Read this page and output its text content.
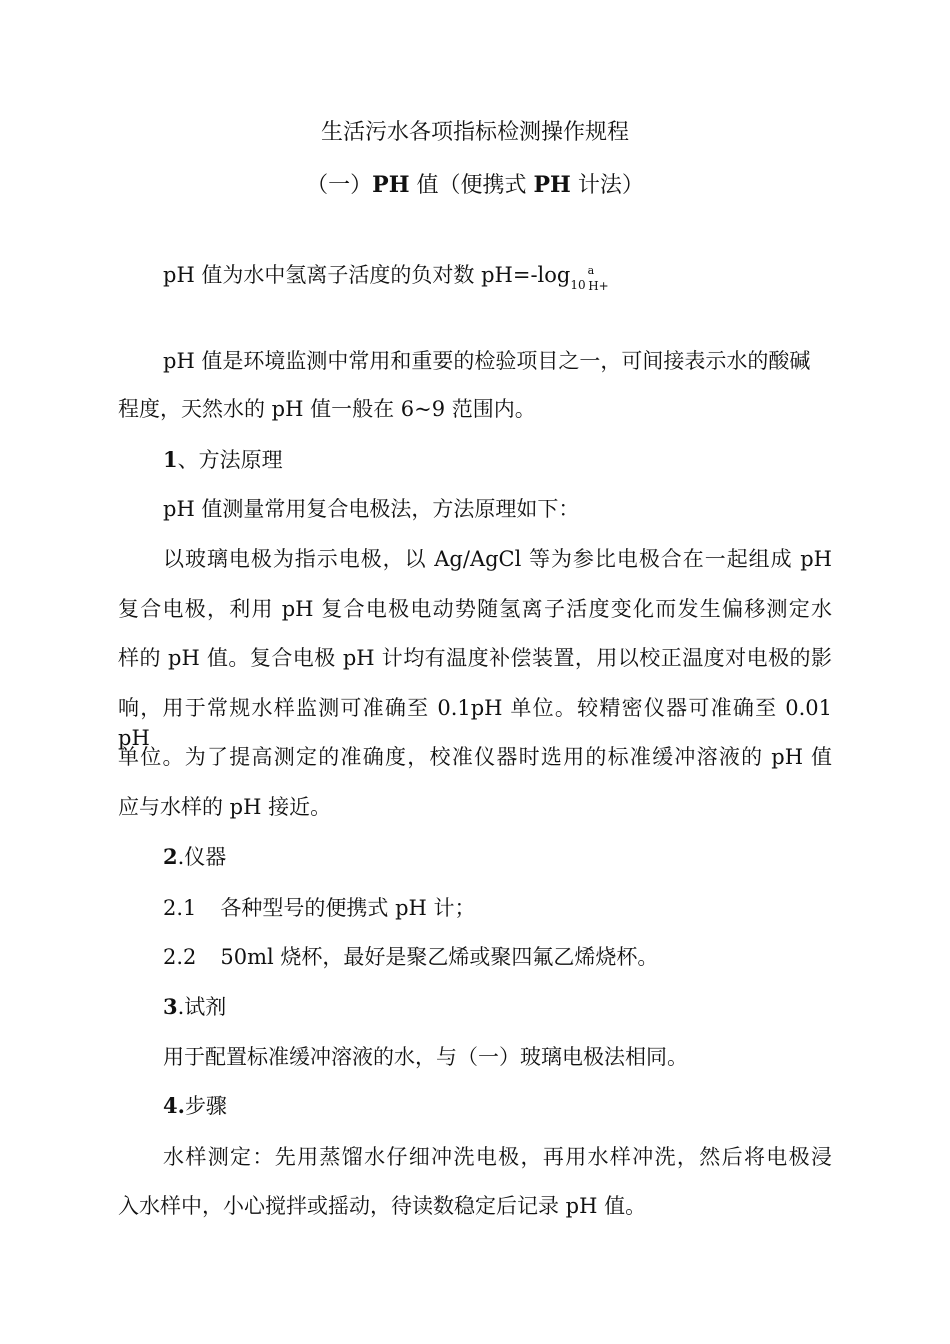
生活污水各项指标检测操作规程

（一）PH 值（便携式 PH 计法）

pH 值为水中氢离子活度的负对数 $pH=-\log_{10}^a_{H+}$

pH 值是环境监测中常用和重要的检验项目之一，可间接表示水的酸碱

程度，天然水的 pH 值一般在 6~9 范围内。

1、方法原理

pH 值测量常用复合电极法，方法原理如下：

以玻璃电极为指示电极，以 Ag/AgCl 等为参比电极合在一起组成 pH

复合电极，利用 pH 复合电极电动势随氢离子活度变化而发生偏移测定水

样的 pH 值。复合电极 pH 计均有温度补偿装置，用以校正温度对电极的影

响，用于常规水样监测可准确至 0.1pH 单位。较精密仪器可准确至 0.01 pH

单位。为了提高测定的准确度，校准仪器时选用的标准缓冲溶液的 pH 值

应与水样的 pH 接近。

2.仪器

2.1 各种型号的便携式 pH 计；

2.2 50ml 烧杯，最好是聚乙烯或聚四氟乙烯烧杯。

3.试剂

用于配置标准缓冲溶液的水，与（一）玻璃电极法相同。

4.步骤

水样测定：先用蒸馏水仔细冲洗电极，再用水样冲洗，然后将电极浸

入水样中，小心搅拌或摇动，待读数稳定后记录 pH 值。
